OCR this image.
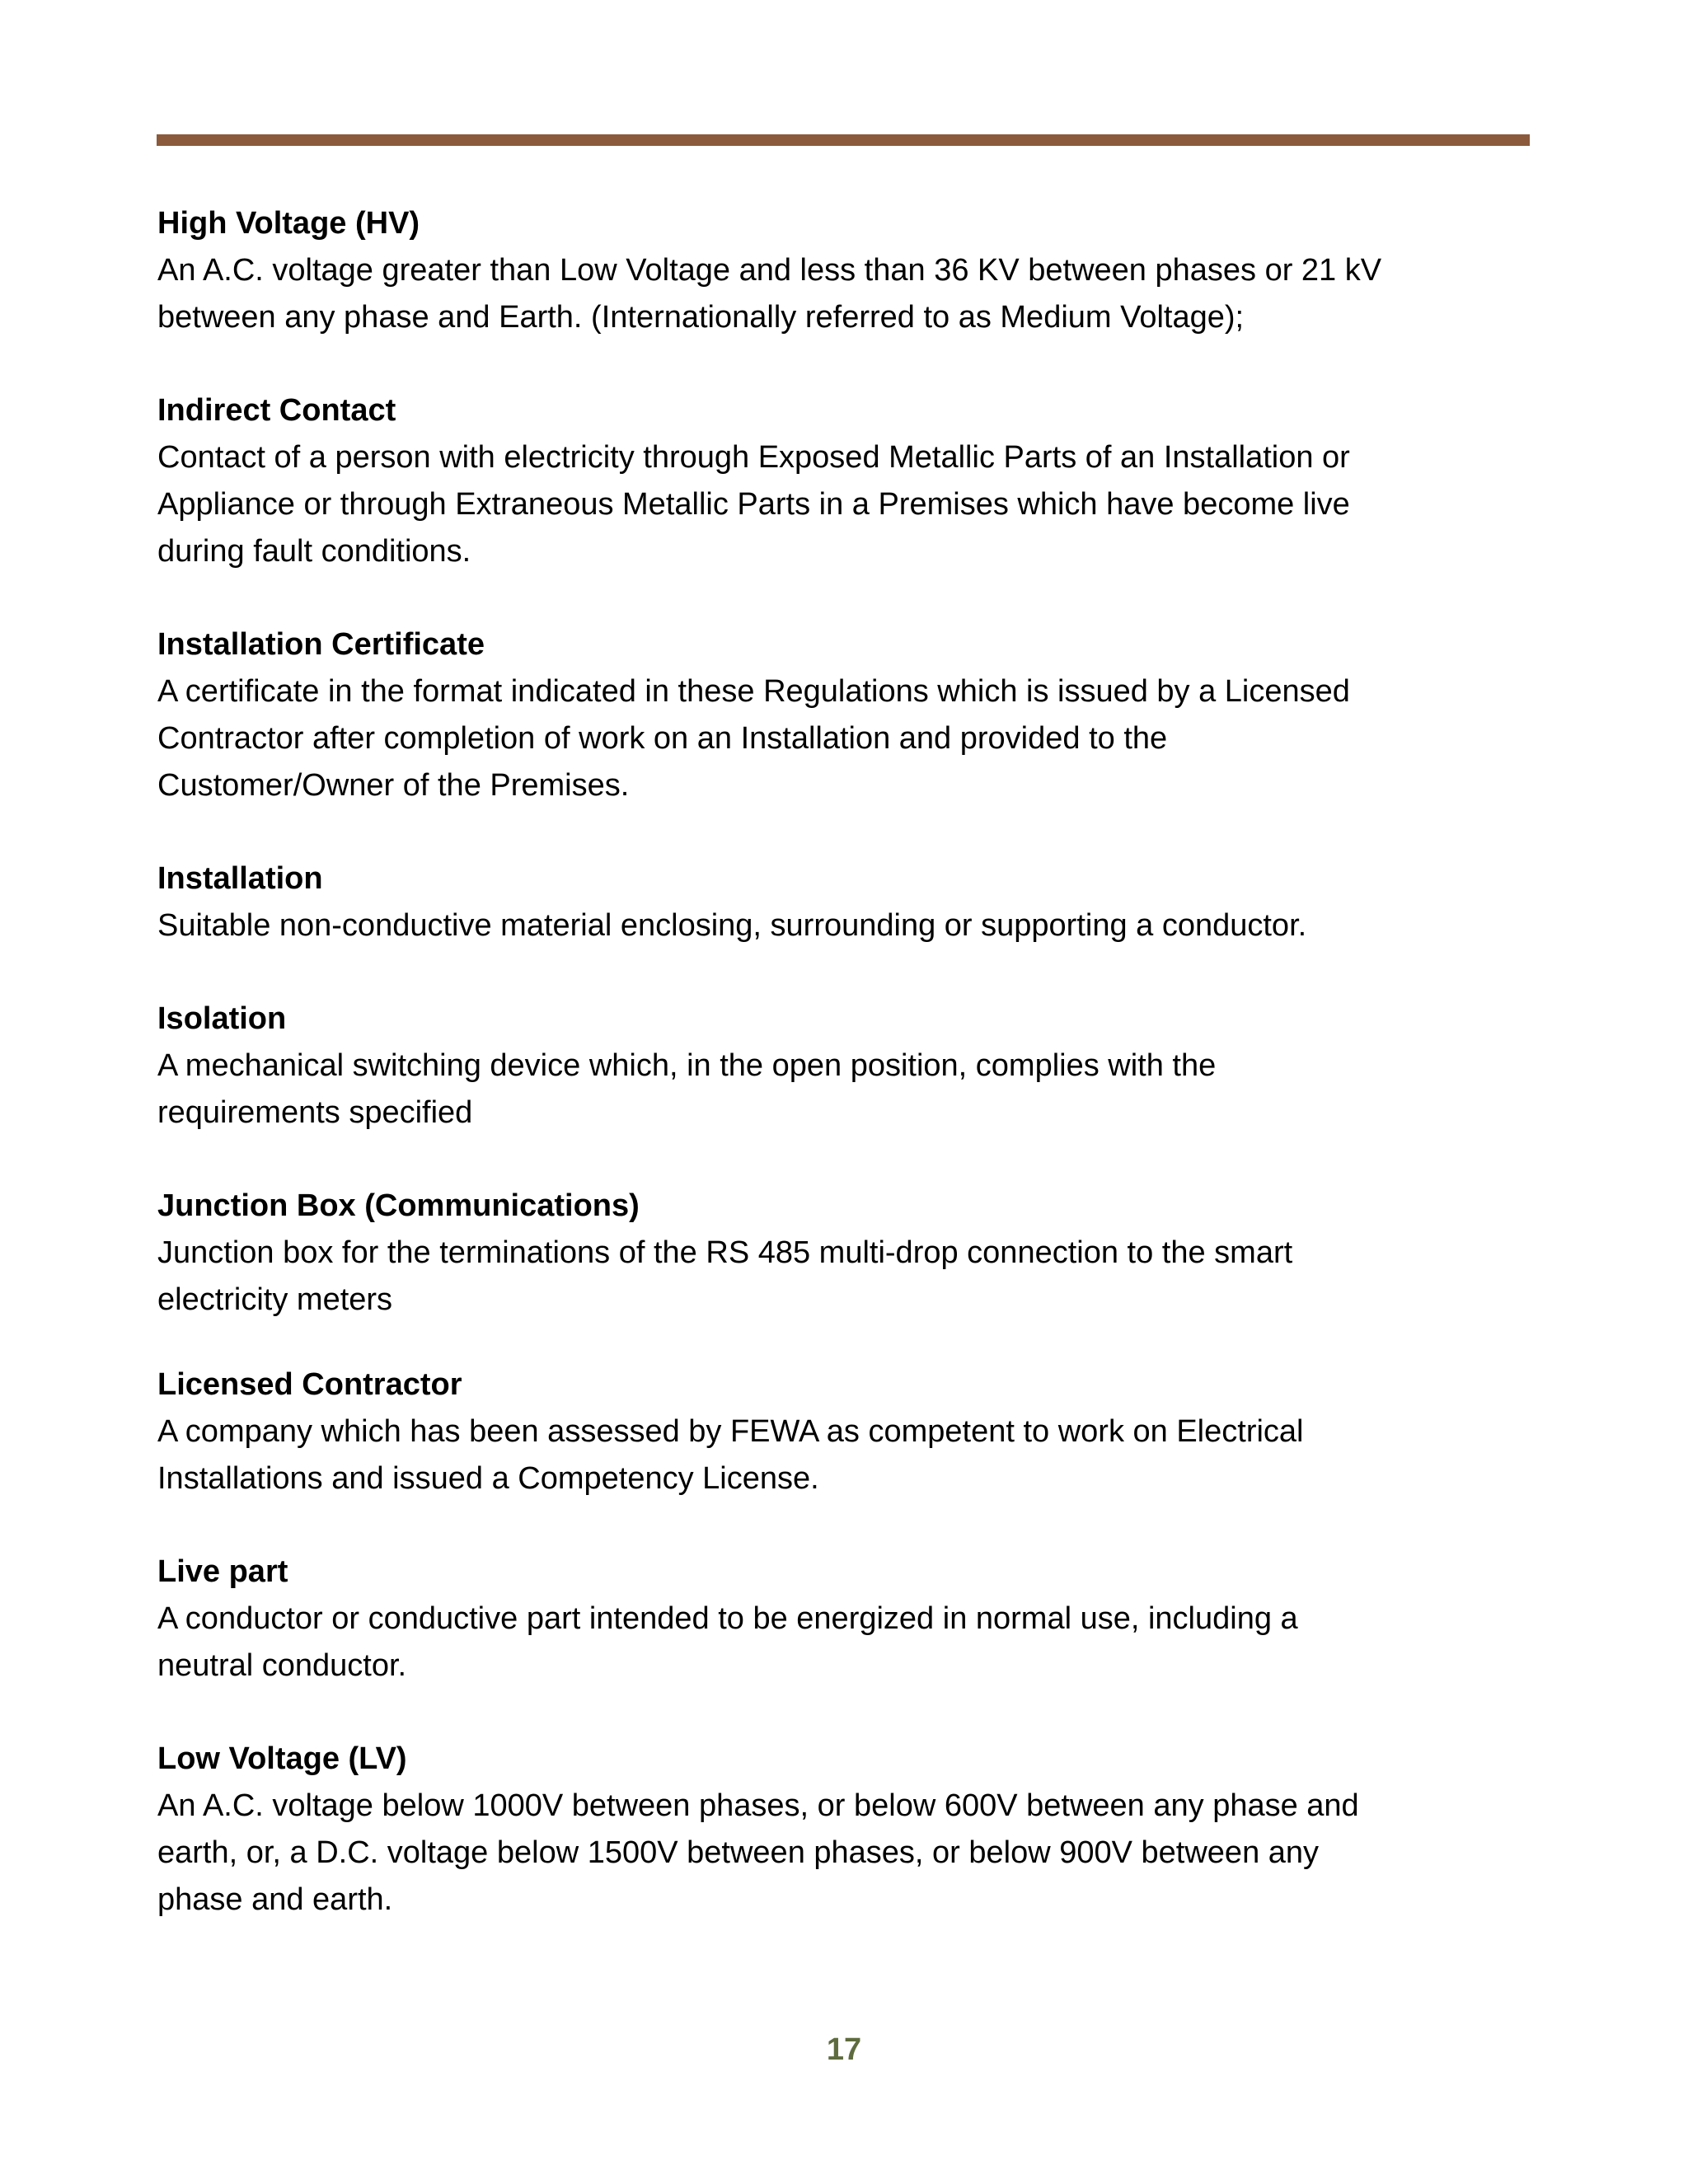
High Voltage (HV)

An A.C. voltage greater than Low Voltage and less than 36 KV between phases or 21 kV

between any phase and Earth. (Internationally referred to as Medium Voltage);

Indirect Contact

Contact of a person with electricity through Exposed Metallic Parts of an Installation or

Appliance or through Extraneous Metallic Parts in a Premises which have become live

during fault conditions.

Installation Certificate

A certificate in the format indicated in these Regulations which is issued by a Licensed

Contractor after completion of work on an Installation and provided to the

Customer/Owner of the Premises.

Installation

Suitable non-conductive material enclosing, surrounding or supporting a conductor.

Isolation

A mechanical switching device which, in the open position, complies with the

requirements specified

Junction Box (Communications)

Junction box for the terminations of the RS 485 multi-drop connection to the smart

electricity meters

Licensed Contractor

A company which has been assessed by FEWA as competent to work on Electrical

Installations and issued a Competency License.

Live part

A conductor or conductive part intended to be energized in normal use, including a

neutral conductor.

Low Voltage (LV)

An A.C. voltage below 1000V between phases, or below 600V between any phase and

earth, or, a D.C. voltage below 1500V between phases, or below 900V between any

phase and earth.

17
